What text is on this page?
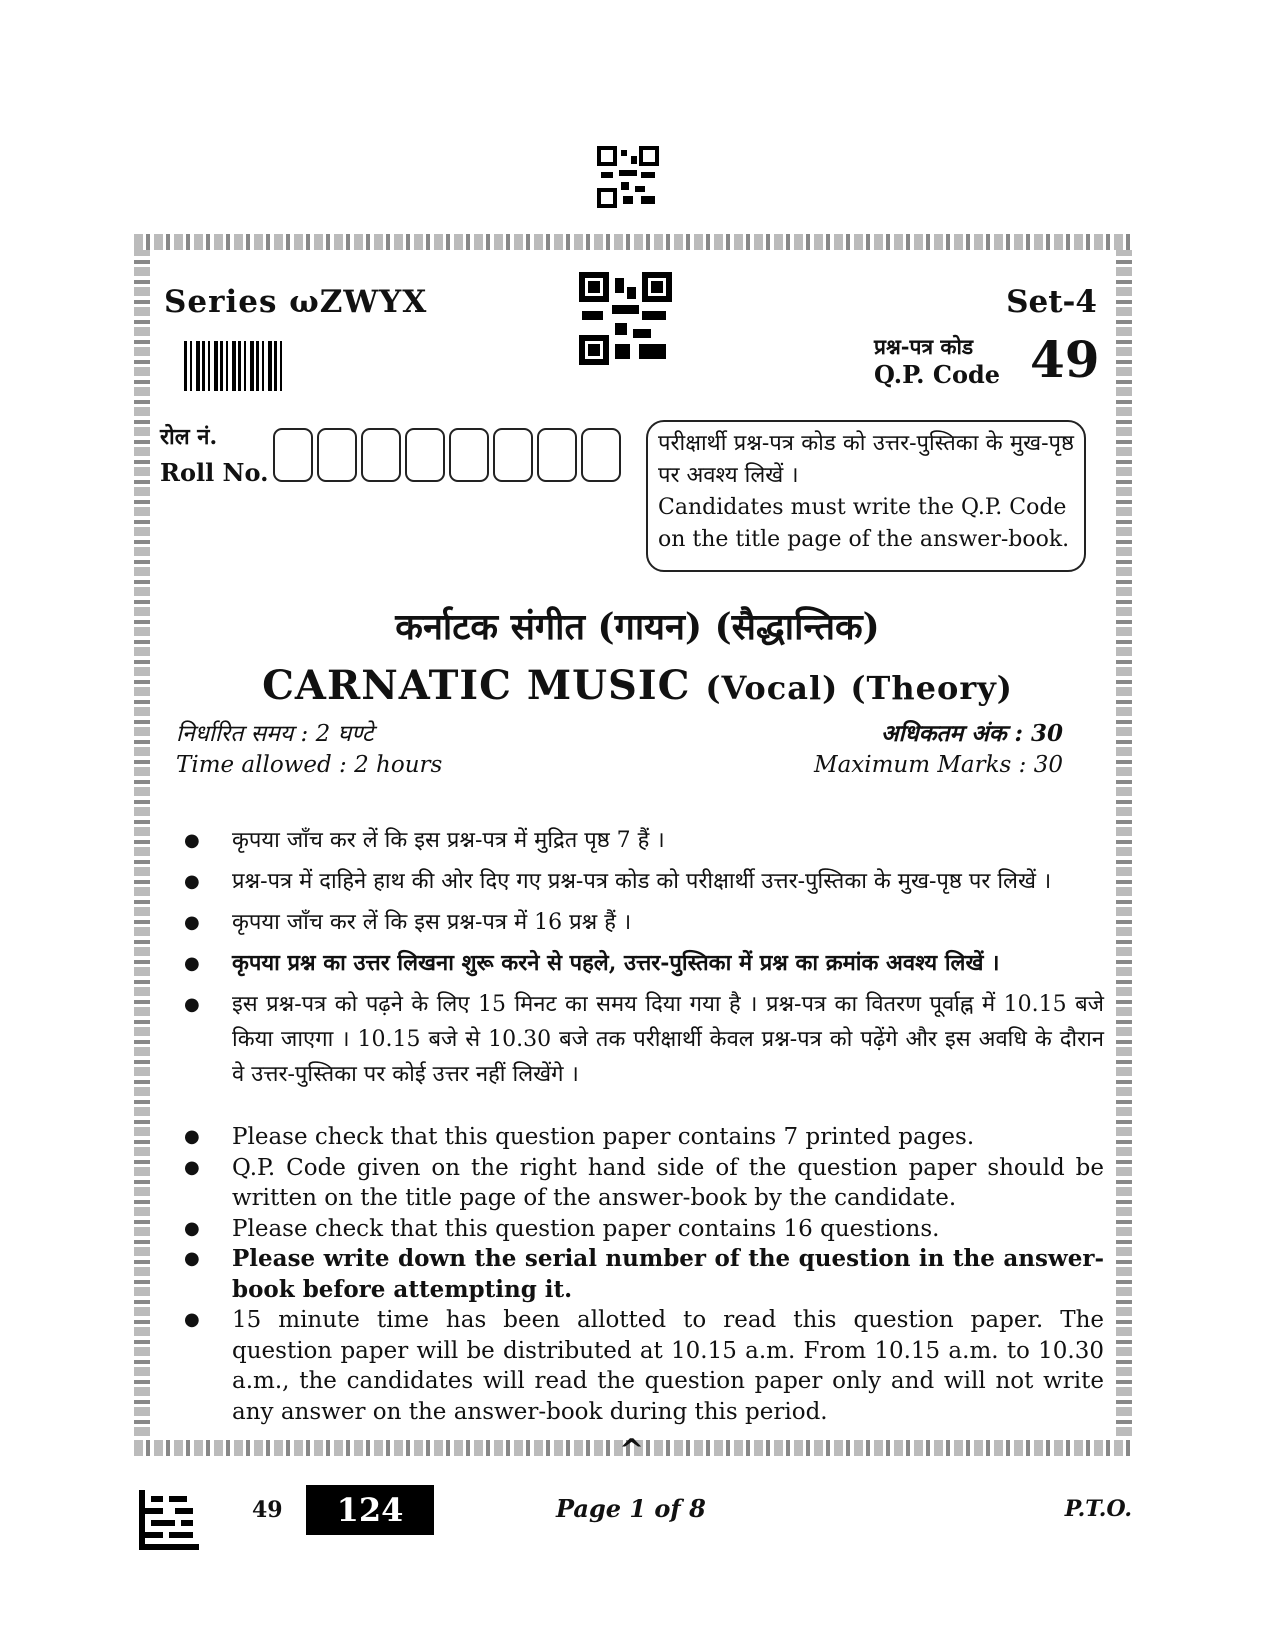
Series ωZWYX	Set-4
प्रश्न-पत्र कोड
Q.P. Code 49
रोल नं.
Roll No.
परीक्षार्थी प्रश्न-पत्र कोड को उत्तर-पुस्तिका के मुख-पृष्ठ पर अवश्य लिखें ।
Candidates must write the Q.P. Code on the title page of the answer-book.
कर्नाटक संगीत (गायन) (सैद्धान्तिक)
CARNATIC MUSIC (Vocal) (Theory)
निर्धारित समय : 2 घण्टे	अधिकतम अंक : 30
Time allowed : 2 hours	Maximum Marks : 30
● कृपया जाँच कर लें कि इस प्रश्न-पत्र में मुद्रित पृष्ठ 7 हैं ।
● प्रश्न-पत्र में दाहिने हाथ की ओर दिए गए प्रश्न-पत्र कोड को परीक्षार्थी उत्तर-पुस्तिका के मुख-पृष्ठ पर लिखें ।
● कृपया जाँच कर लें कि इस प्रश्न-पत्र में 16 प्रश्न हैं ।
● कृपया प्रश्न का उत्तर लिखना शुरू करने से पहले, उत्तर-पुस्तिका में प्रश्न का क्रमांक अवश्य लिखें ।
● इस प्रश्न-पत्र को पढ़ने के लिए 15 मिनट का समय दिया गया है । प्रश्न-पत्र का वितरण पूर्वाह्न में 10.15 बजे किया जाएगा । 10.15 बजे से 10.30 बजे तक परीक्षार्थी केवल प्रश्न-पत्र को पढ़ेंगे और इस अवधि के दौरान वे उत्तर-पुस्तिका पर कोई उत्तर नहीं लिखेंगे ।
● Please check that this question paper contains 7 printed pages.
● Q.P. Code given on the right hand side of the question paper should be written on the title page of the answer-book by the candidate.
● Please check that this question paper contains 16 questions.
● Please write down the serial number of the question in the answer-book before attempting it.
● 15 minute time has been allotted to read this question paper. The question paper will be distributed at 10.15 a.m. From 10.15 a.m. to 10.30 a.m., the candidates will read the question paper only and will not write any answer on the answer-book during this period.
^
49	124	Page 1 of 8	P.T.O.
